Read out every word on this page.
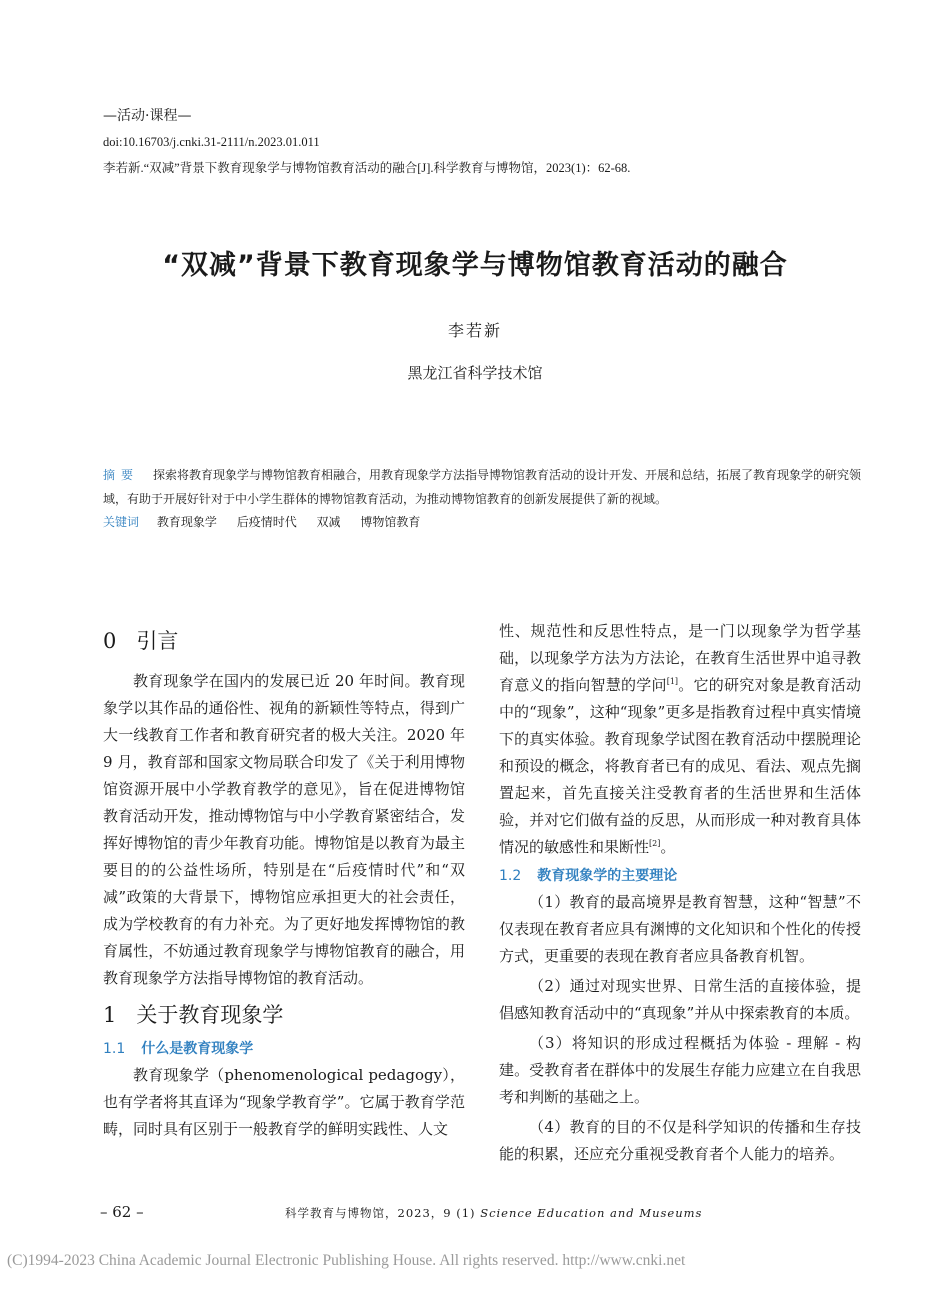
—活动·课程—
doi:10.16703/j.cnki.31-2111/n.2023.01.011
李若新.“双减”背景下教育现象学与博物馆教育活动的融合[J].科学教育与博物馆，2023(1)：62-68.
“双减”背景下教育现象学与博物馆教育活动的融合
李若新
黑龙江省科学技术馆
摘要 探索将教育现象学与博物馆教育相融合，用教育现象学方法指导博物馆教育活动的设计开发、开展和总结，拓展了教育现象学的研究领域，有助于开展好针对于中小学生群体的博物馆教育活动，为推动博物馆教育的创新发展提供了新的视域。
关键词 教育现象学 后疫情时代 双减 博物馆教育
0 引言

教育现象学在国内的发展已近 20 年时间。教育现象学以其作品的通俗性、视角的新颖性等特点，得到广大一线教育工作者和教育研究者的极大关注。2020 年 9 月，教育部和国家文物局联合印发了《关于利用博物馆资源开展中小学教育教学的意见》，旨在促进博物馆教育活动开发，推动博物馆与中小学教育紧密结合，发挥好博物馆的青少年教育功能。博物馆是以教育为最主要目的的公益性场所，特别是在“后疫情时代”和“双减”政策的大背景下，博物馆应承担更大的社会责任，成为学校教育的有力补充。为了更好地发挥博物馆的教育属性，不妨通过教育现象学与博物馆教育的融合，用教育现象学方法指导博物馆的教育活动。

1 关于教育现象学
1.1 什么是教育现象学

教育现象学（phenomenological pedagogy），也有学者将其直译为“现象学教育学”。它属于教育学范畴，同时具有区别于一般教育学的鲜明实践性、人文

性、规范性和反思性特点，是一门以现象学为哲学基础，以现象学方法为方法论，在教育生活世界中追寻教育意义的指向智慧的学问[1]。它的研究对象是教育活动中的“现象”，这种“现象”更多是指教育过程中真实情境下的真实体验。教育现象学试图在教育活动中摆脱理论和预设的概念，将教育者已有的成见、看法、观点先搁置起来，首先直接关注受教育者的生活世界和生活体验，并对它们做有益的反思，从而形成一种对教育具体情况的敏感性和果断性[2]。

1.2 教育现象学的主要理论

（1）教育的最高境界是教育智慧，这种“智慧”不仅表现在教育者应具有渊博的文化知识和个性化的传授方式，更重要的表现在教育者应具备教育机智。

（2）通过对现实世界、日常生活的直接体验，提倡感知教育活动中的“真现象”并从中探索教育的本质。

（3）将知识的形成过程概括为体验 - 理解 - 构建。受教育者在群体中的发展生存能力应建立在自我思考和判断的基础之上。

（4）教育的目的不仅是科学知识的传播和生存技能的积累，还应充分重视受教育者个人能力的培养。

– 62 –	科学教育与博物馆，2023，9 (1) Science Education and Museums
(C)1994-2023 China Academic Journal Electronic Publishing House. All rights reserved. http://www.cnki.net
